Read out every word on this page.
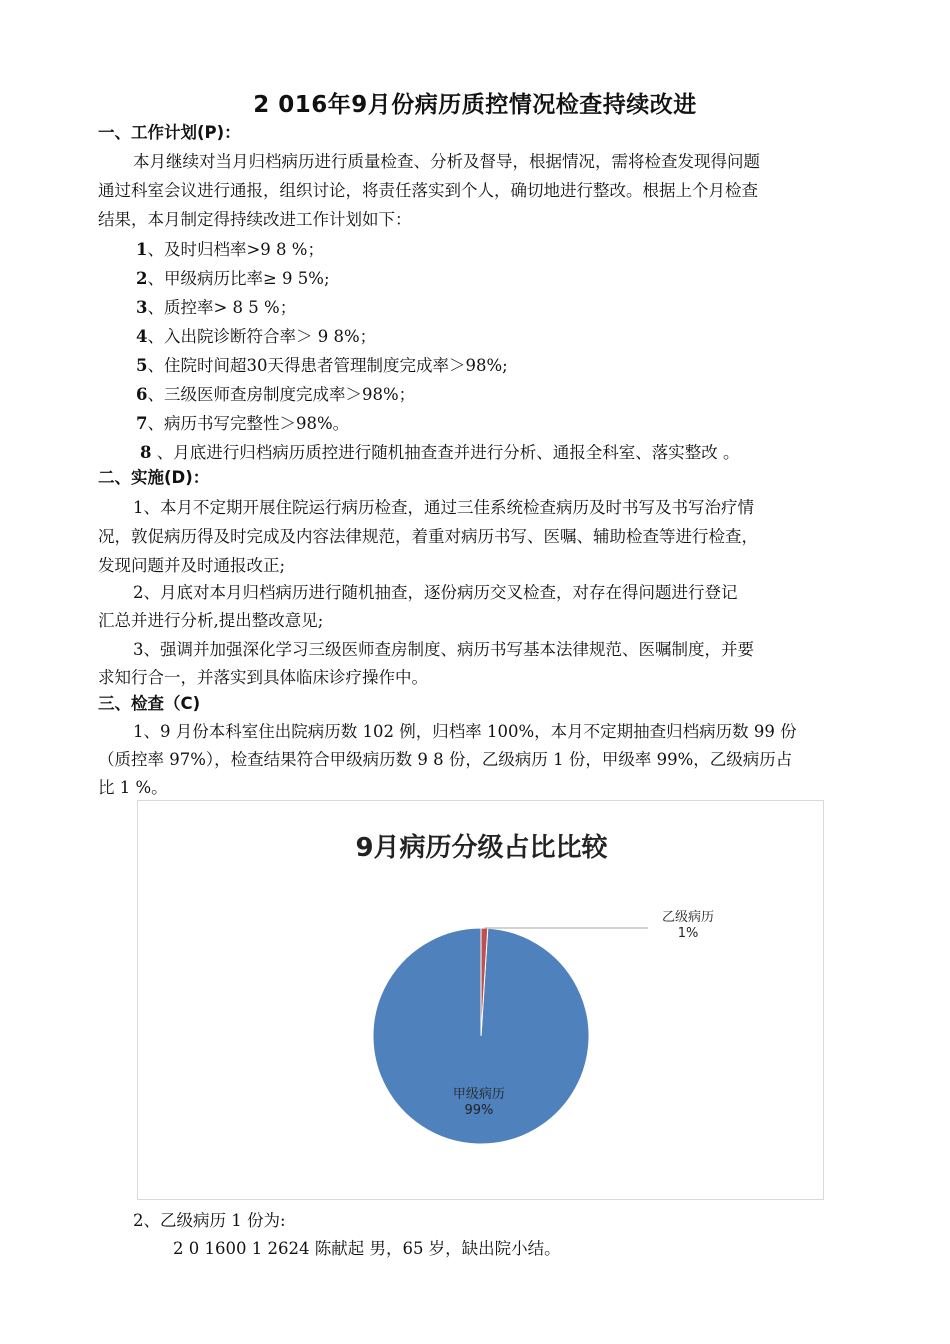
2 016年9月份病历质控情况检查持续改进
一、工作计划(P)：
本月继续对当月归档病历进行质量检查、分析及督导，根据情况，需将检查发现得问题
通过科室会议进行通报，组织讨论，将责任落实到个人，确切地进行整改。根据上个月检查
结果，本月制定得持续改进工作计划如下：
1、及时归档率>9 8 %；
2、甲级病历比率≥ 9 5%;
3、质控率> 8 5 %；
4、入出院诊断符合率＞ 9 8%；
5、住院时间超30天得患者管理制度完成率＞98%;
6、三级医师查房制度完成率＞98%；
7、病历书写完整性＞98%。
8 、月底进行归档病历质控进行随机抽查查并进行分析、通报全科室、落实整改 。
二、实施(D)：
1、本月不定期开展住院运行病历检查，通过三佳系统检查病历及时书写及书写治疗情
况，敦促病历得及时完成及内容法律规范，着重对病历书写、医嘱、辅助检查等进行检查，
发现问题并及时通报改正;
2、月底对本月归档病历进行随机抽查，逐份病历交叉检查，对存在得问题进行登记
汇总并进行分析,提出整改意见;
3、强调并加强深化学习三级医师查房制度、病历书写基本法律规范、医嘱制度，并要
求知行合一，并落实到具体临床诊疗操作中。
三、检查（C)
1、9 月份本科室住出院病历数 102 例，归档率 100%，本月不定期抽查归档病历数 99 份
（质控率 97%），检查结果符合甲级病历数 9 8 份，乙级病历 1 份，甲级率 99%，乙级病历占
比 1 %。
9月病历分级占比比较
甲级病历
99%
乙级病历
1%
2、乙级病历 1 份为:
2 0 1600 1 2624 陈献起 男，65 岁，缺出院小结。
